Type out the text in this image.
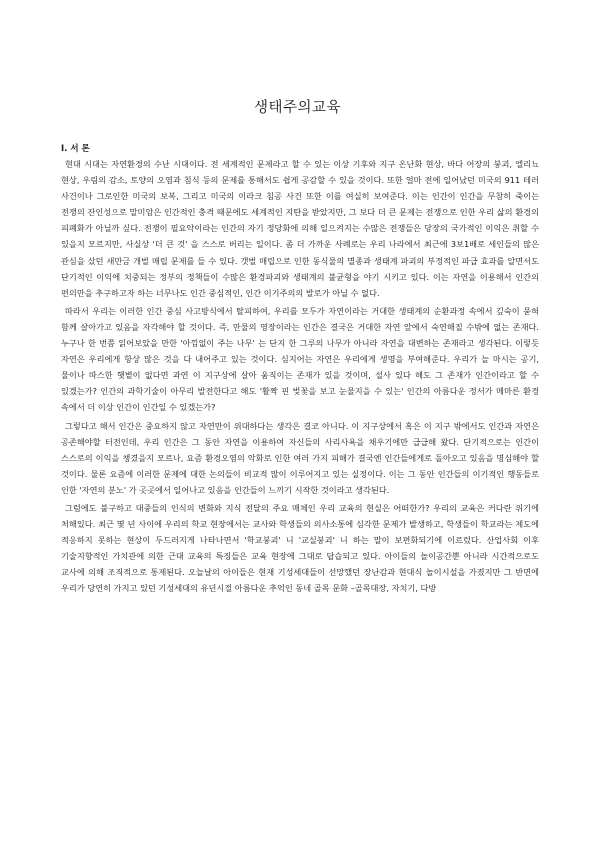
생태주의교육
Ⅰ. 서 론

현대 시대는 자연환경의 수난 시대이다. 전 세계적인 문제라고 할 수 있는 이상 기후와 지구 온난화 현상, 바다 어장의 붕괴, 엘리뇨 현상, 우림의 감소, 토양의 오염과 침식 등의 문제를 통해서도 쉽게 공감할 수 있을 것이다. 또한 얼마 전에 일어났던 미국의 911 테러 사건이나 그로인한 미국의 보복, 그리고 미국의 이라크 침공 사건 또한 이를 여실히 보여준다. 이는 인간이 인간을 무참히 죽이는 전쟁의 잔인성으로 말미암은 인간적인 충격 때문에도 세계적인 지탄을 받았지만, 그 보다 더 큰 문제는 전쟁으로 인한 우리 삶의 환경의 피폐화가 아닐까 싶다. 전쟁이 필요악이라는 인간의 자기 정당화에 의해 일으켜지는 수많은 전쟁들은 당장의 국가적인 이익은 취할 수 있을지 모르지만, 사실상 '더 큰 것' 을 스스로 버리는 일이다. 좀 더 가까운 사례로는 우리 나라에서 최근에 3보1배로 세인들의 많은 관심을 샀던 새만금 개벌 매립 문제를 들 수 있다. 갯벌 매립으로 인한 동식물의 멸종과 생태계 파괴의 부정적인 파급 효과를 알면서도 단기적인 이익에 치중되는 정부의 정책들이 수많은 환경파괴와 생태계의 불균형을 야기 시키고 있다. 이는 자연을 이용해서 인간의 편의만을 추구하고자 하는 너무나도 인간 중심적인, 인간 이기주의의 발로가 아닐 수 없다.

따라서 우리는 이러한 인간 중심 사고방식에서 탈피하여, 우리를 모두가 자연이라는 거대한 생태계의 순환과정 속에서 깊숙이 묻혀 함께 살아가고 있음을 자각해야 할 것이다. 즉, 만물의 영장이라는 인간은 결국은 거대한 자연 앞에서 숙연해질 수밖에 없는 존재다. 누구나 한 번쯤 읽어보았을 만한 '아낌없이 주는 나무' 는 단지 한 그루의 나무가 아니라 자연을 대변하는 존재라고 생각된다. 이렇듯 자연은 우리에게 항상 많은 것을 다 내어주고 있는 것이다. 심지어는 자연은 우리에게 생명을 부여해준다. 우리가 늘 마시는 공기, 물이나 따스한 햇볕이 없다면 과연 이 지구상에 살아 움직이는 존재가 있을 것이며, 설사 있다 해도 그 존재가 인간이라고 할 수 있겠는가? 인간의 과학기술이 아무리 발전한다고 해도 '활짝 핀 벚꽃을 보고 눈물지을 수 있는' 인간의 아름다운 정서가 메마른 환경 속에서 더 이상 인간이 인간일 수 있겠는가?

그렇다고 해서 인간은 중요하지 않고 자연만이 위대하다는 생각은 결코 아니다. 이 지구상에서 혹은 이 지구 밖에서도 인간과 자연은 공존해야할 터전인데, 우리 인간은 그 동안 자연을 이용하여 자신들의 사리사욕을 채우기에만 급급해 왔다. 단기적으로는 인간이 스스로의 이익을 챙겼을지 모르나, 요즘 환경오염의 악화로 인한 여러 가지 피해가 결국엔 인간들에게로 돌아오고 있음을 명심해야 할 것이다. 물론 요즘에 이러한 문제에 대한 논의들이 비교적 많이 이루어지고 있는 실정이다. 이는 그 동안 인간들의 이기적인 행동들로 인한 '자연의 분노' 가 곳곳에서 일어나고 있음을 인간들이 느끼기 시작한 것이라고 생각된다.

그럼에도 불구하고 대중들의 인식의 변화와 지식 전달의 주요 매체인 우리 교육의 현실은 어떠한가? 우리의 교육은 커다란 위기에 처해있다. 최근 몇 년 사이에 우리의 학교 현장에서는 교사와 학생들의 의사소통에 심각한 문제가 발생하고, 학생들이 학교라는 제도에 적응하지 못하는 현상이 두드러지게 나타나면서 '학교붕괴' 니 '교실붕괴' 니 하는 말이 보편화되기에 이르렀다. 산업사회 이후 기술지향적인 가치관에 의한 근대 교육의 특징들은 교육 현장에 그대로 답습되고 있다. 아이들의 놀이공간뿐 아니라 시간적으로도 교사에 의해 조직적으로 통제된다. 오늘날의 아이들은 현재 기성세대들이 선망했던 장난감과 현대식 놀이시설을 가졌지만 그 반면에 우리가 당연히 가지고 있던 기성세대의 유년시절 아름다운 추억인 동네 골목 문화 –골목대장, 자치기, 다방
